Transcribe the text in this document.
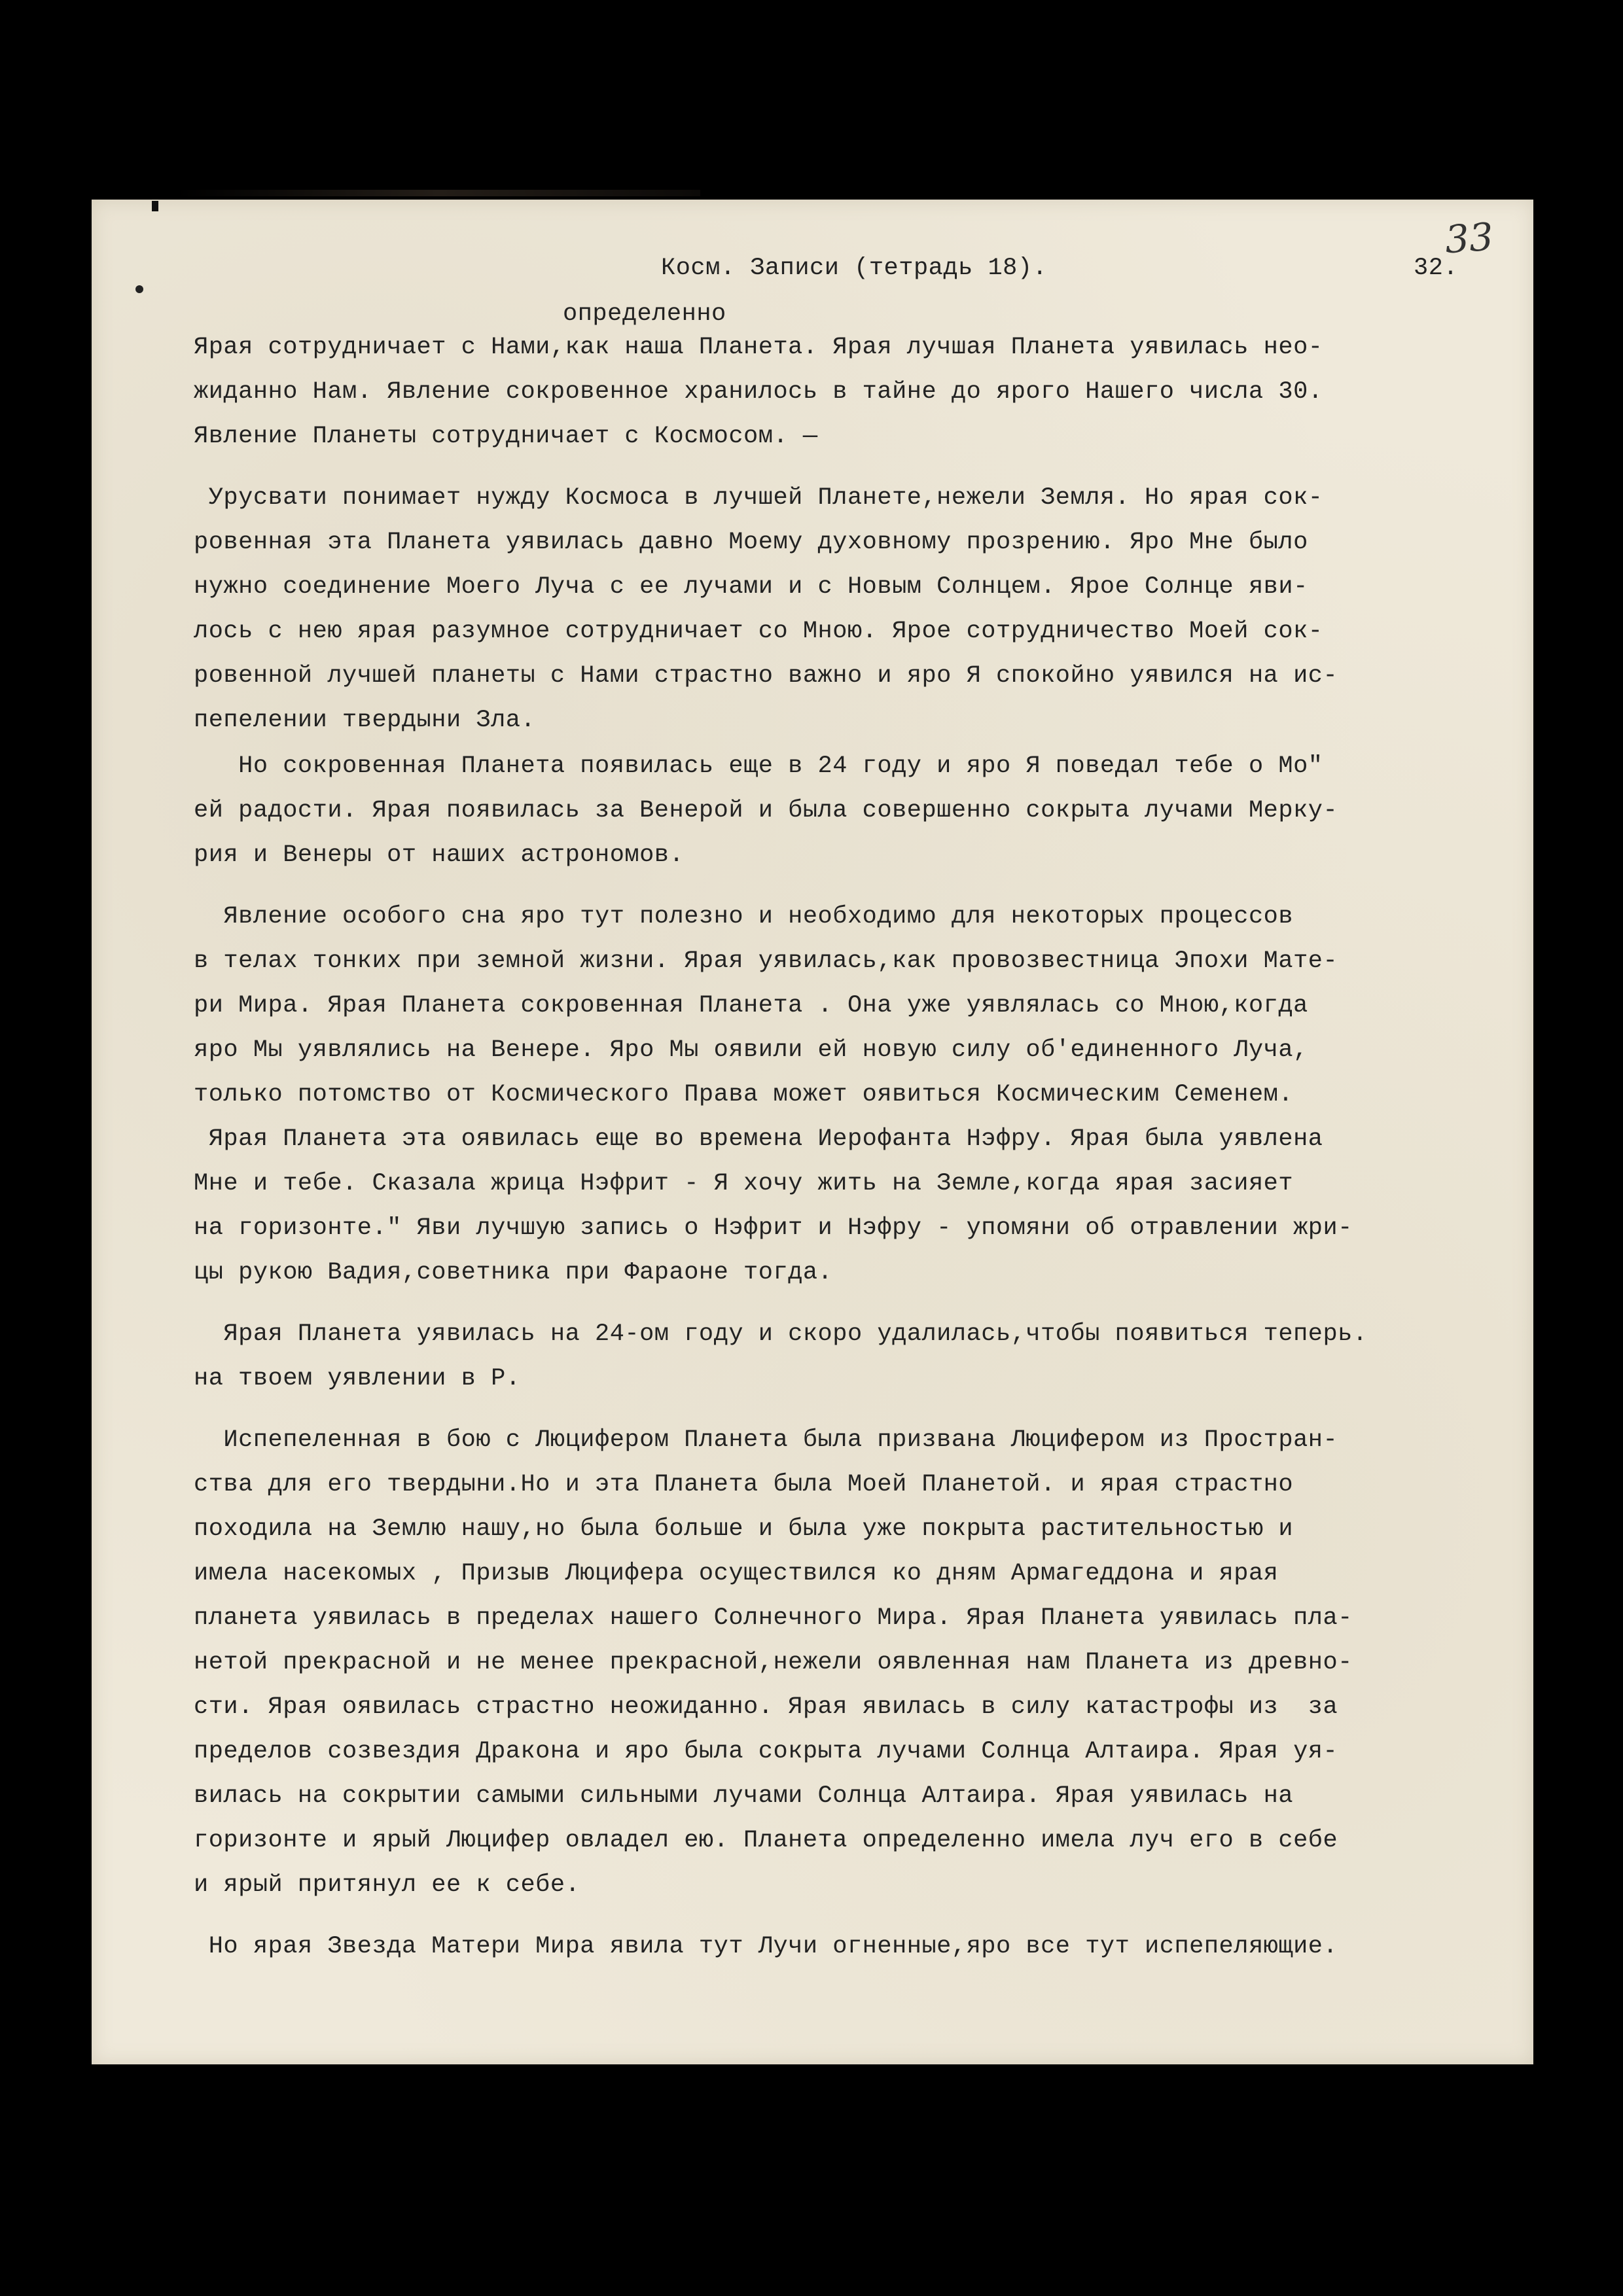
Косм. Записи (тетрадь 18).	32.
33
определенно
Ярая сотрудничает с Нами,как наша Планета. Ярая лучшая Планета уявилась нео-
жиданно Нам. Явление сокровенное хранилось в тайне до ярого Нашего числа 30.
Явление Планеты сотрудничает с Космосом. —
Урусвати понимает нужду Космоса в лучшей Планете,нежели Земля. Но ярая сок-
ровенная эта Планета уявилась давно Моему духовному прозрению. Яро Мне было
нужно соединение Моего Луча с ее лучами и с Новым Солнцем. Ярое Солнце яви-
лось с нею ярая разумное сотрудничает со Мною. Ярое сотрудничество Моей сок-
ровенной лучшей планеты с Нами страстно важно и яро Я спокойно уявился на ис-
пепелении твердыни Зла.
Но сокровенная Планета появилась еще в 24 году и яро Я поведал тебе о Мо"
ей радости. Ярая появилась за Венерой и была совершенно сокрыта лучами Мерку-
рия и Венеры от наших астрономов.
Явление особого сна яро тут полезно и необходимо для некоторых процессов
в телах тонких при земной жизни. Ярая уявилась,как провозвестница Эпохи Мате-
ри Мира. Ярая Планета сокровенная Планета . Она уже уявлялась со Мною,когда
яро Мы уявлялись на Венере. Яро Мы оявили ей новую силу об'единенного Луча,
только потомство от Космического Права может оявиться Космическим Семенем.
Ярая Планета эта оявилась еще во времена Иерофанта Нэфру. Ярая была уявлена
Мне и тебе. Сказала жрица Нэфрит - Я хочу жить на Земле,когда ярая засияет
на горизонте." Яви лучшую запись о Нэфрит и Нэфру - упомяни об отравлении жри-
цы рукою Вадия,советника при Фараоне тогда.
Ярая Планета уявилась на 24-ом году и скоро удалилась,чтобы появиться теперь.
на твоем уявлении в Р.
Испепеленная в бою с Люцифером Планета была призвана Люцифером из Простран-
ства для его твердыни.Но и эта Планета была Моей Планетой. и ярая страстно
походила на Землю нашу,но была больше и была уже покрыта растительностью и
имела насекомых , Призыв Люцифера осуществился ко дням Армагеддона и ярая
планета уявилась в пределах нашего Солнечного Мира. Ярая Планета уявилась пла-
нетой прекрасной и не менее прекрасной,нежели оявленная нам Планета из древно-
сти. Ярая оявилась страстно неожиданно. Ярая явилась в силу катастрофы из  за
пределов созвездия Дракона и яро была сокрыта лучами Солнца Алтаира. Ярая уя-
вилась на сокрытии самыми сильными лучами Солнца Алтаира. Ярая уявилась на
горизонте и ярый Люцифер овладел ею. Планета определенно имела луч его в себе
и ярый притянул ее к себе.
Но ярая Звезда Матери Мира явила тут Лучи огненные,яро все тут испепеляющие.
